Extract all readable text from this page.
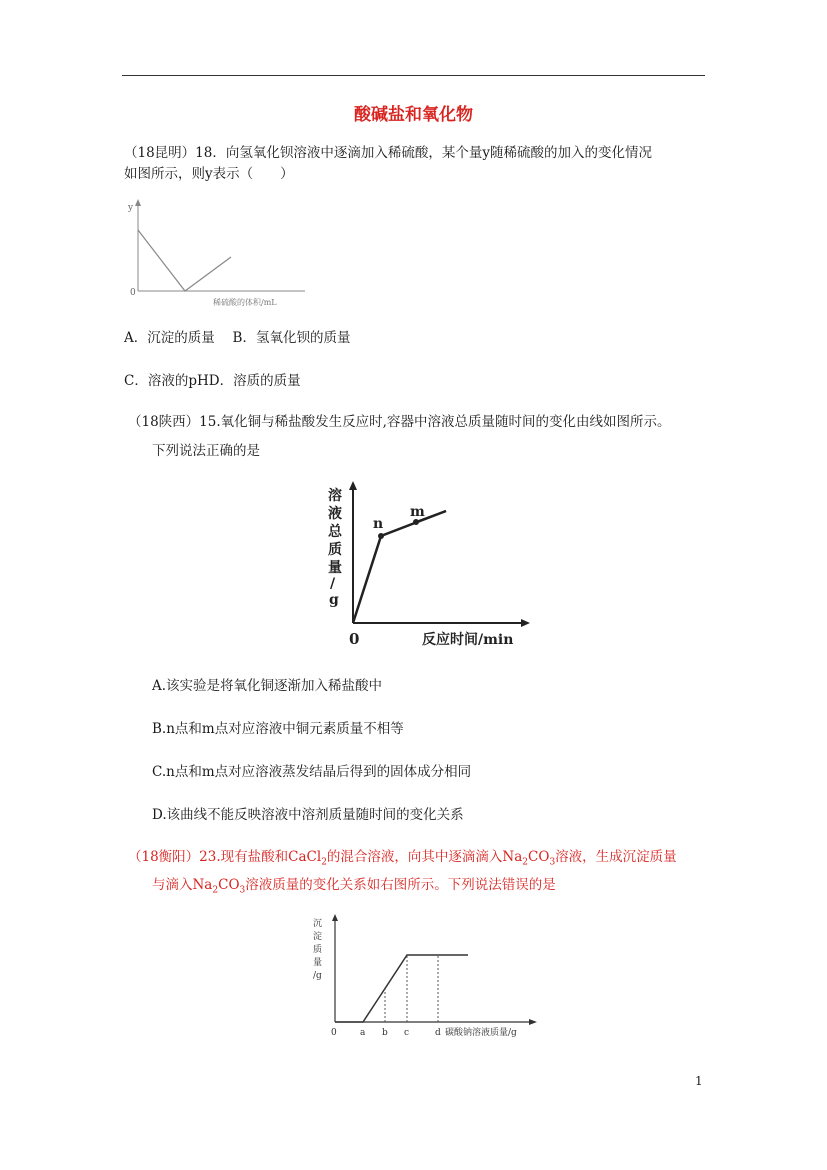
酸碱盐和氧化物
（18昆明）18．向氢氧化钡溶液中逐滴加入稀硫酸，某个量y随稀硫酸的加入的变化情况
如图所示，则y表示（　　）
y
0
稀硫酸的体积/mL
A．沉淀的质量　 B．氢氧化钡的质量
C．溶液的pHD．溶质的质量
（18陕西）15.氧化铜与稀盐酸发生反应时,容器中溶液总质量随时间的变化由线如图所示。
下列说法正确的是
n
m
溶
液
总
质
量
/
g
0	反应时间/min
A.该实验是将氧化铜逐渐加入稀盐酸中
B.n点和m点对应溶液中铜元素质量不相等
C.n点和m点对应溶液蒸发结晶后得到的固体成分相同
D.该曲线不能反映溶液中溶剂质量随时间的变化关系
（18衡阳）23.现有盐酸和CaCl$_2$的混合溶液，向其中逐滴滴入$Na_2CO_3$溶液，生成沉淀质量
与滴入$Na_2CO_3$溶液质量的变化关系如右图所示。下列说法错误的是
沉
淀
质
量
/g
0	a b c	d 碳酸钠溶液质量/g
1
